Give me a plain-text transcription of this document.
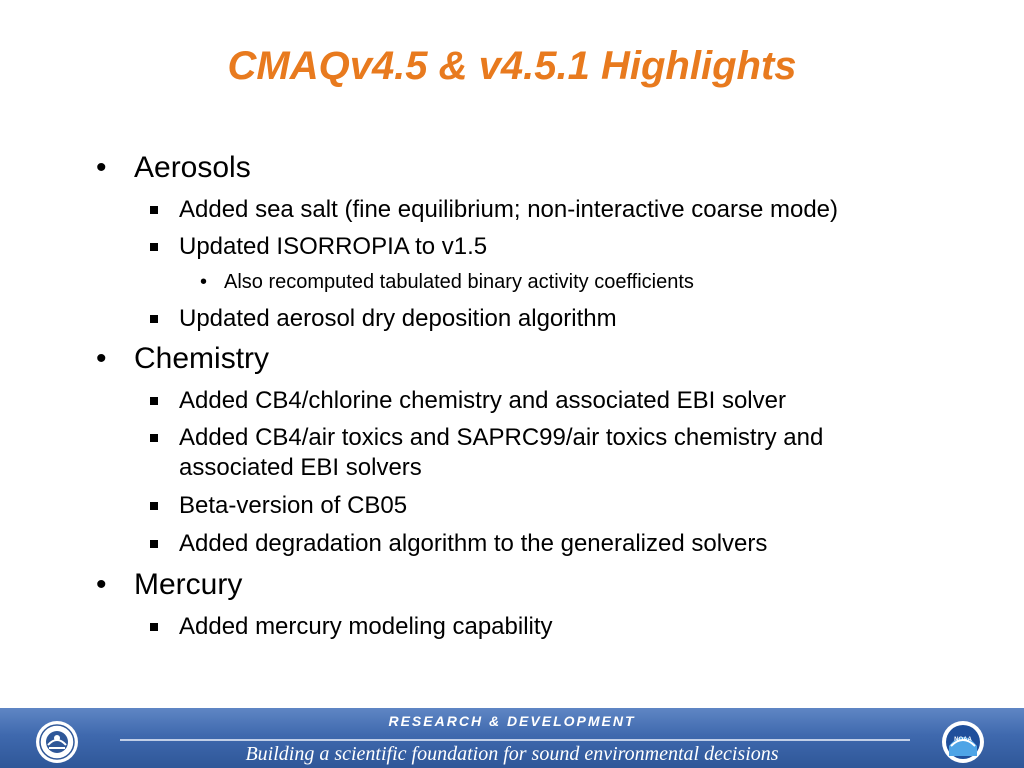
CMAQv4.5 & v4.5.1 Highlights
• Aerosols
Added sea salt (fine equilibrium; non-interactive coarse mode)
Updated ISORROPIA to v1.5
• Also recomputed tabulated binary activity coefficients
Updated aerosol dry deposition algorithm
• Chemistry
Added CB4/chlorine chemistry and associated EBI solver
Added CB4/air toxics and SAPRC99/air toxics chemistry and
associated EBI solvers
Beta-version of CB05
Added degradation algorithm to the generalized solvers
• Mercury
Added mercury modeling capability
RESEARCH & DEVELOPMENT
Building a scientific foundation for sound environmental decisions
NOAA
